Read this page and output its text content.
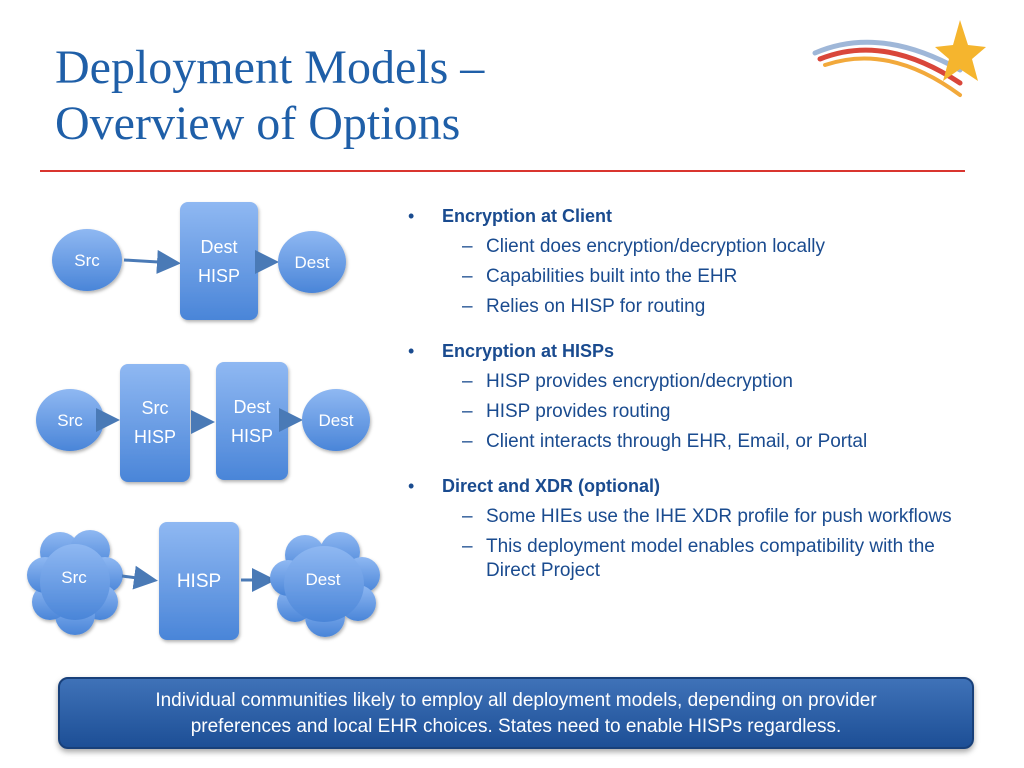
Deployment Models –
Overview of Options
Src
Dest
HISP
Dest
Src
Src
HISP
Dest
HISP
Dest
Src	HISP	Dest
• Encryption at Client
– Client does encryption/decryption locally
– Capabilities built into the EHR
– Relies on HISP for routing
• Encryption at HISPs
– HISP provides encryption/decryption
– HISP provides routing
– Client interacts through EHR, Email, or Portal
• Direct and XDR (optional)
– Some HIEs use the IHE XDR profile for push workflows
– This deployment model enables compatibility with the Direct Project
Individual communities likely to employ all deployment models, depending on provider
preferences and local EHR choices. States need to enable HISPs regardless.
